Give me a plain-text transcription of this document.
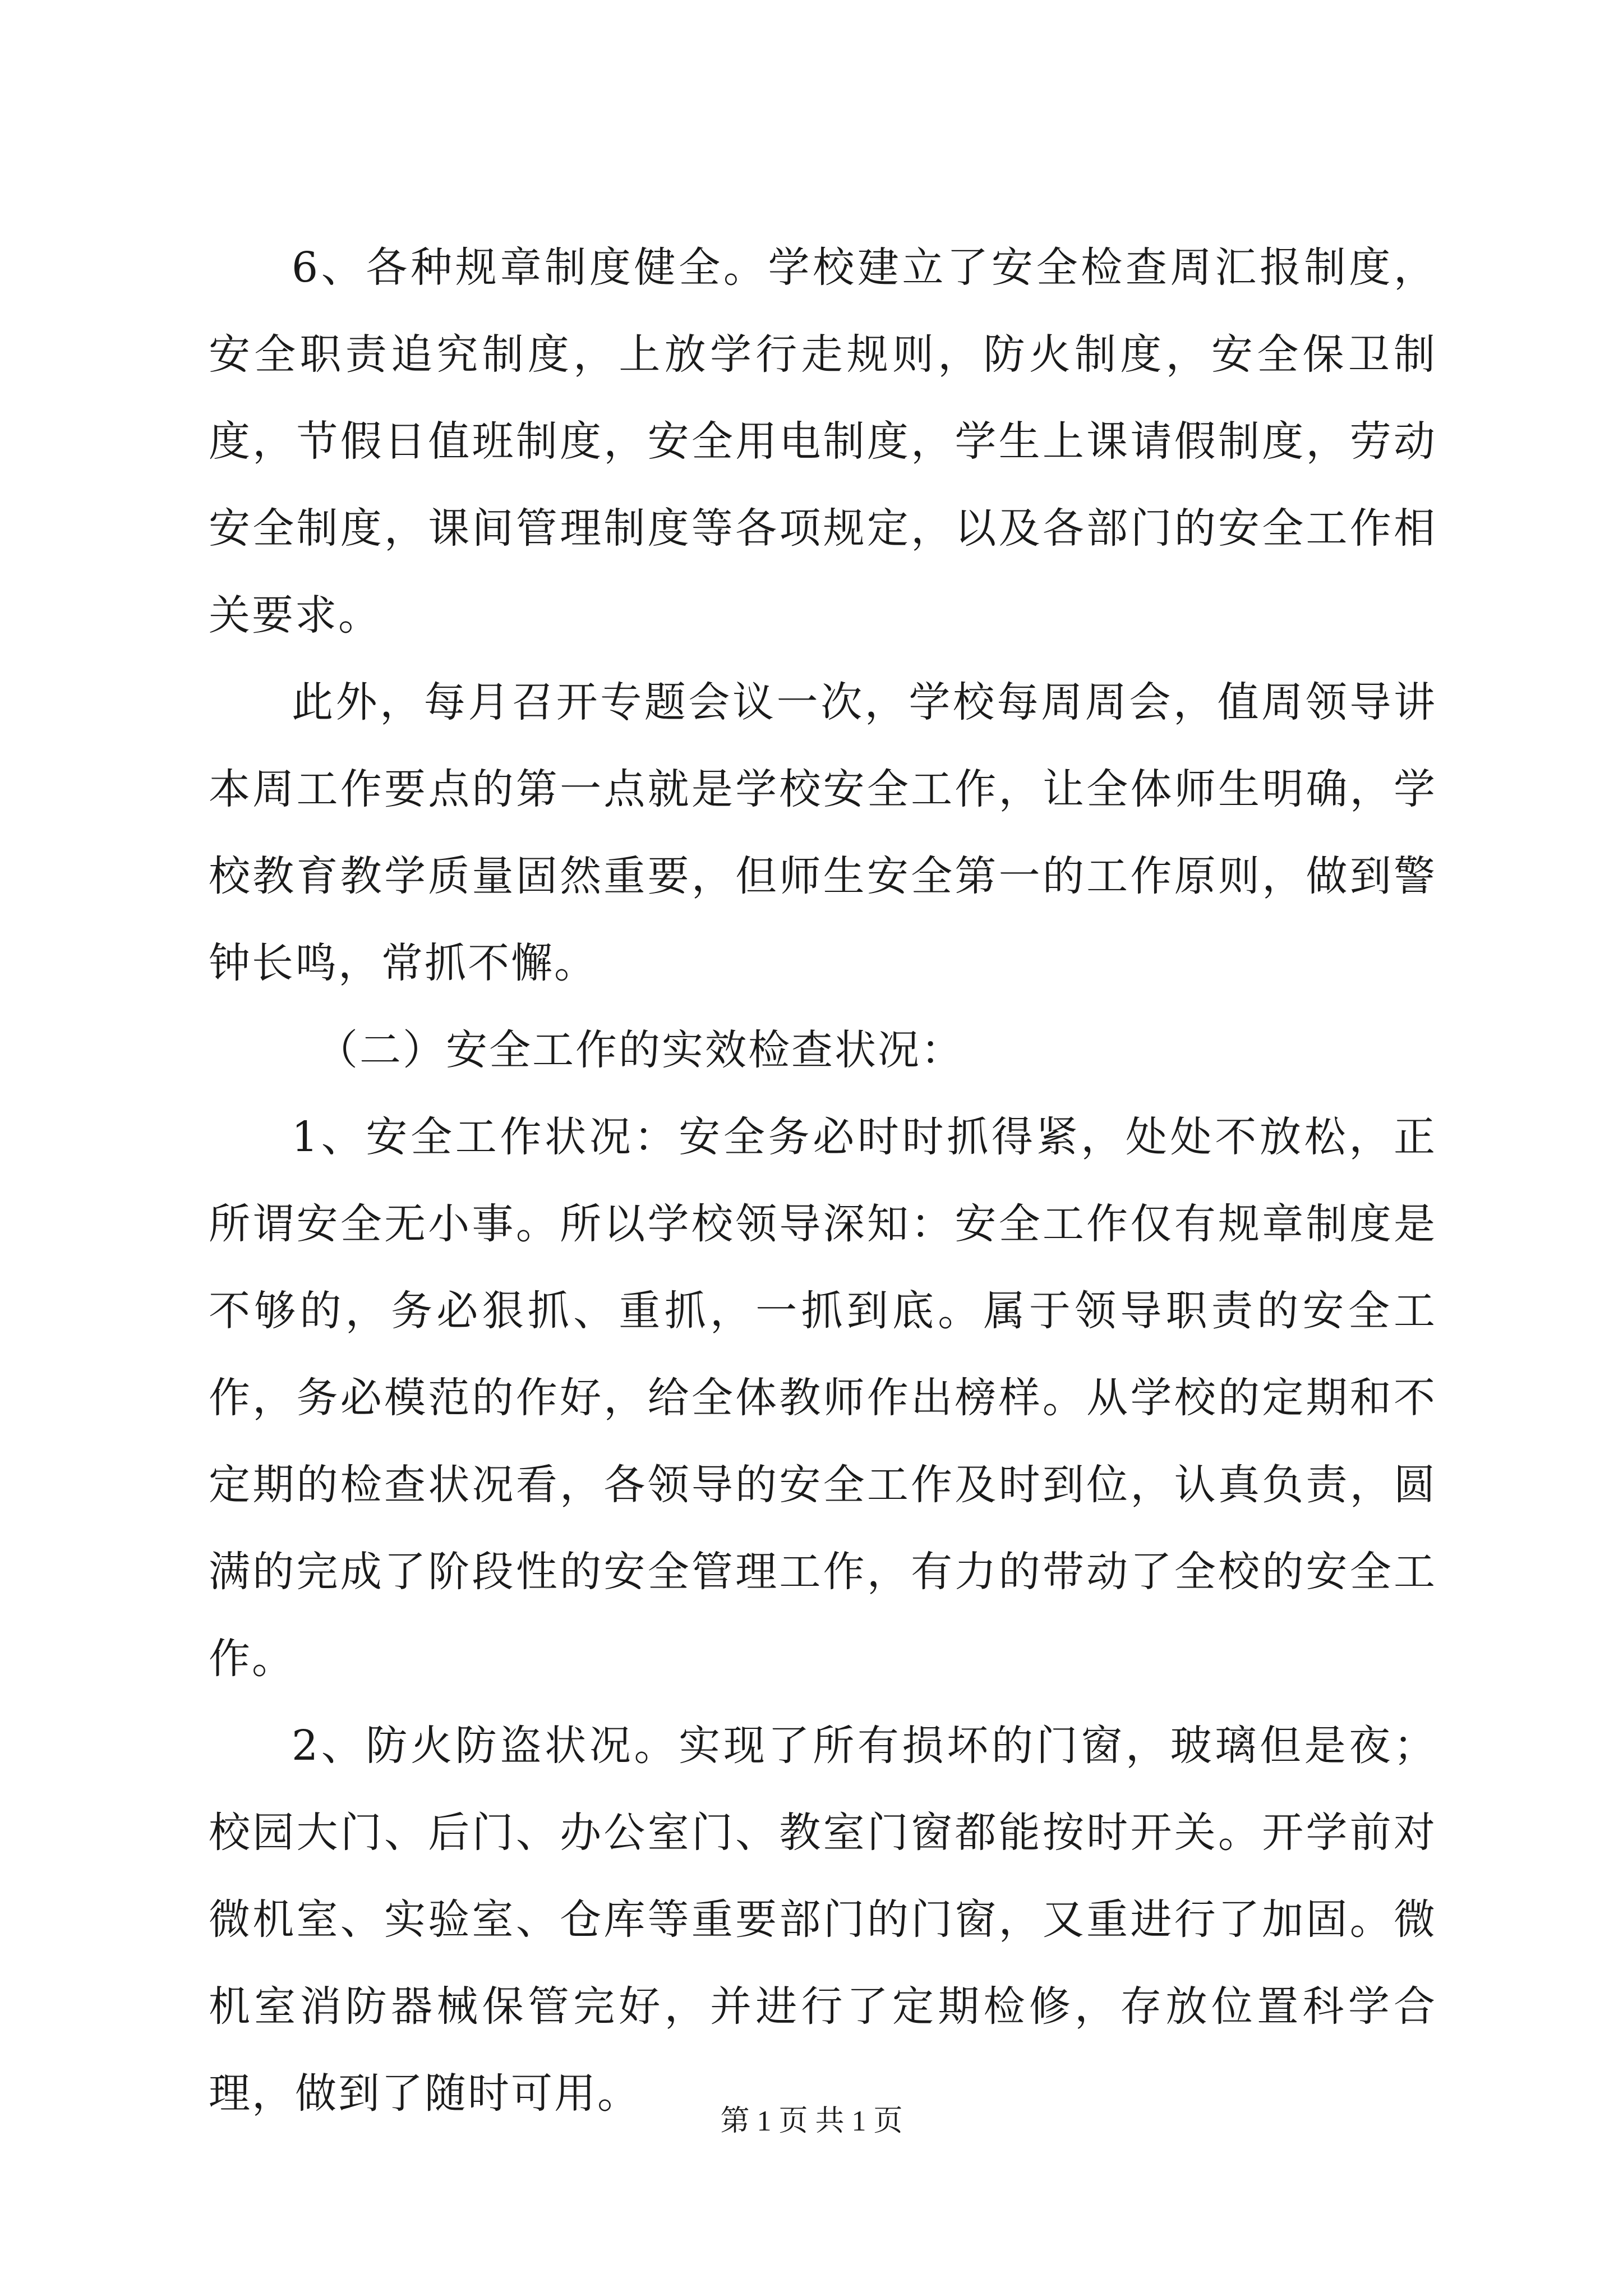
6、各种规章制度健全。学校建立了安全检查周汇报制度，安全职责追究制度，上放学行走规则，防火制度，安全保卫制度，节假日值班制度，安全用电制度，学生上课请假制度，劳动安全制度，课间管理制度等各项规定，以及各部门的安全工作相关要求。

此外，每月召开专题会议一次，学校每周周会，值周领导讲本周工作要点的第一点就是学校安全工作，让全体师生明确，学校教育教学质量固然重要，但师生安全第一的工作原则，做到警钟长鸣，常抓不懈。

（二）安全工作的实效检查状况：

1、安全工作状况：安全务必时时抓得紧，处处不放松，正所谓安全无小事。所以学校领导深知：安全工作仅有规章制度是不够的，务必狠抓、重抓，一抓到底。属于领导职责的安全工作，务必模范的作好，给全体教师作出榜样。从学校的定期和不定期的检查状况看，各领导的安全工作及时到位，认真负责，圆满的完成了阶段性的安全管理工作，有力的带动了全校的安全工作。

2、防火防盗状况。实现了所有损坏的门窗，玻璃但是夜；校园大门、后门、办公室门、教室门窗都能按时开关。开学前对微机室、实验室、仓库等重要部门的门窗，又重进行了加固。微机室消防器械保管完好，并进行了定期检修，存放位置科学合理，做到了随时可用。

第 1 页 共 1 页
